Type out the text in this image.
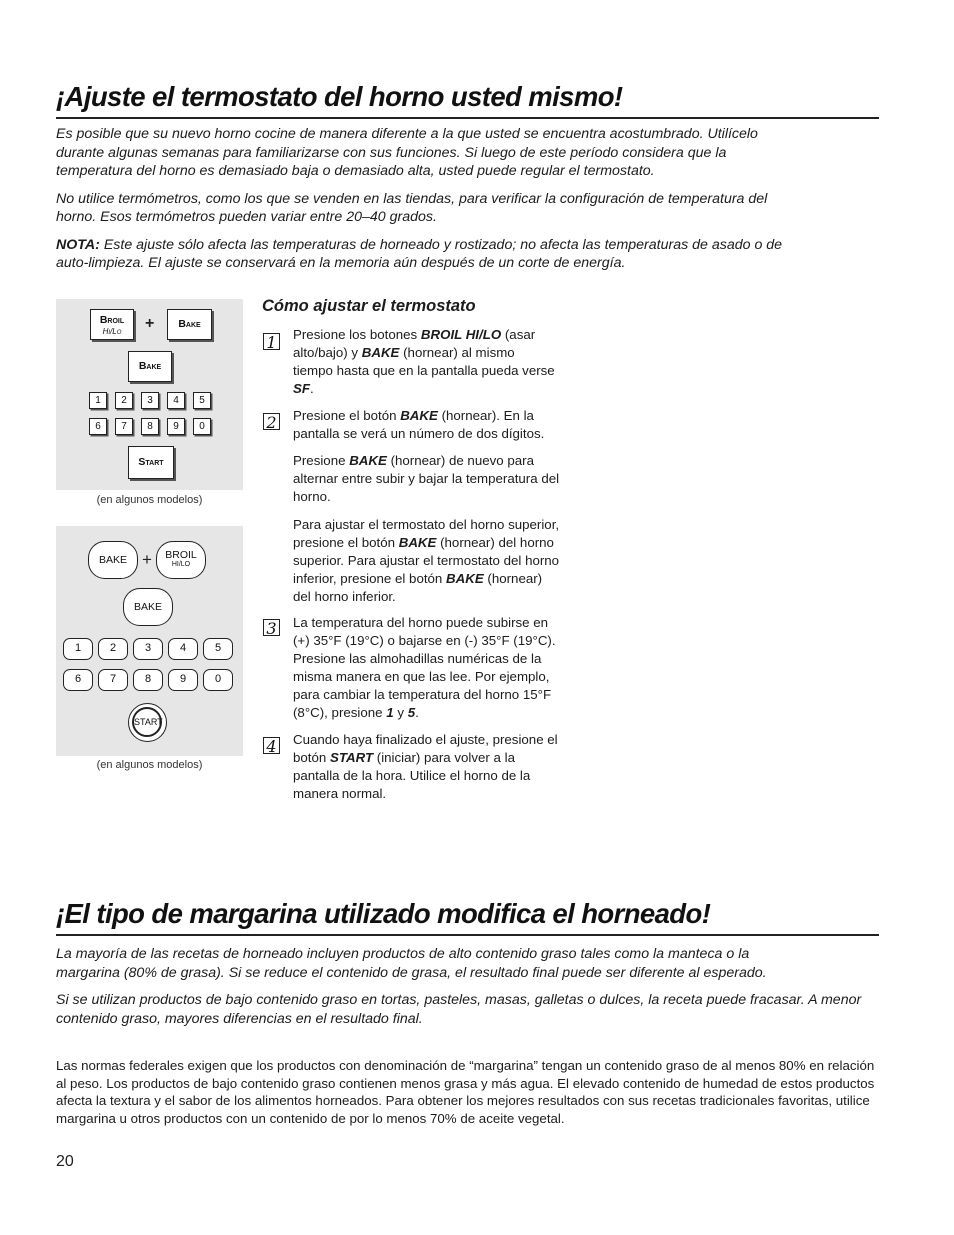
¡Ajuste el termostato del horno usted mismo!

Es posible que su nuevo horno cocine de manera diferente a la que usted se encuentra acostumbrado. Utilícelo durante algunas semanas para familiarizarse con sus funciones. Si luego de este período considera que la temperatura del horno es demasiado baja o demasiado alta, usted puede regular el termostato.

No utilice termómetros, como los que se venden en las tiendas, para verificar la configuración de temperatura del horno. Esos termómetros pueden variar entre 20–40 grados.

NOTA: Este ajuste sólo afecta las temperaturas de horneado y rostizado; no afecta las temperaturas de asado o de auto-limpieza. El ajuste se conservará en la memoria aún después de un corte de energía.

Broil
Hi/Lo	+	Bake
Bake
1	2	3	4	5
6	7	8	9	0
Start
(en algunos modelos)
BAKE +	BROIL
HI/LO
BAKE
1	2	3	4	5
6	7	8	9	0
START
(en algunos modelos)
Cómo ajustar el termostato
1 Presione los botones BROIL HI/LO (asar alto/bajo) y BAKE (hornear) al mismo tiempo hasta que en la pantalla pueda verse SF.
2 Presione el botón BAKE (hornear). En la pantalla se verá un número de dos dígitos.
Presione BAKE (hornear) de nuevo para alternar entre subir y bajar la temperatura del horno.
Para ajustar el termostato del horno superior, presione el botón BAKE (hornear) del horno superior. Para ajustar el termostato del horno inferior, presione el botón BAKE (hornear) del horno inferior.
3 La temperatura del horno puede subirse en (+) 35°F (19°C) o bajarse en (-) 35°F (19°C). Presione las almohadillas numéricas de la misma manera en que las lee. Por ejemplo, para cambiar la temperatura del horno 15°F (8°C), presione 1 y 5.
4 Cuando haya finalizado el ajuste, presione el botón START (iniciar) para volver a la pantalla de la hora. Utilice el horno de la manera normal.
¡El tipo de margarina utilizado modifica el horneado!

La mayoría de las recetas de horneado incluyen productos de alto contenido graso tales como la manteca o la margarina (80% de grasa). Si se reduce el contenido de grasa, el resultado final puede ser diferente al esperado.

Si se utilizan productos de bajo contenido graso en tortas, pasteles, masas, galletas o dulces, la receta puede fracasar. A menor contenido graso, mayores diferencias en el resultado final.

Las normas federales exigen que los productos con denominación de “margarina” tengan un contenido graso de al menos 80% en relación al peso. Los productos de bajo contenido graso contienen menos grasa y más agua. El elevado contenido de humedad de estos productos afecta la textura y el sabor de los alimentos horneados. Para obtener los mejores resultados con sus recetas tradicionales favoritas, utilice margarina u otros productos con un contenido de por lo menos 70% de aceite vegetal.
20
